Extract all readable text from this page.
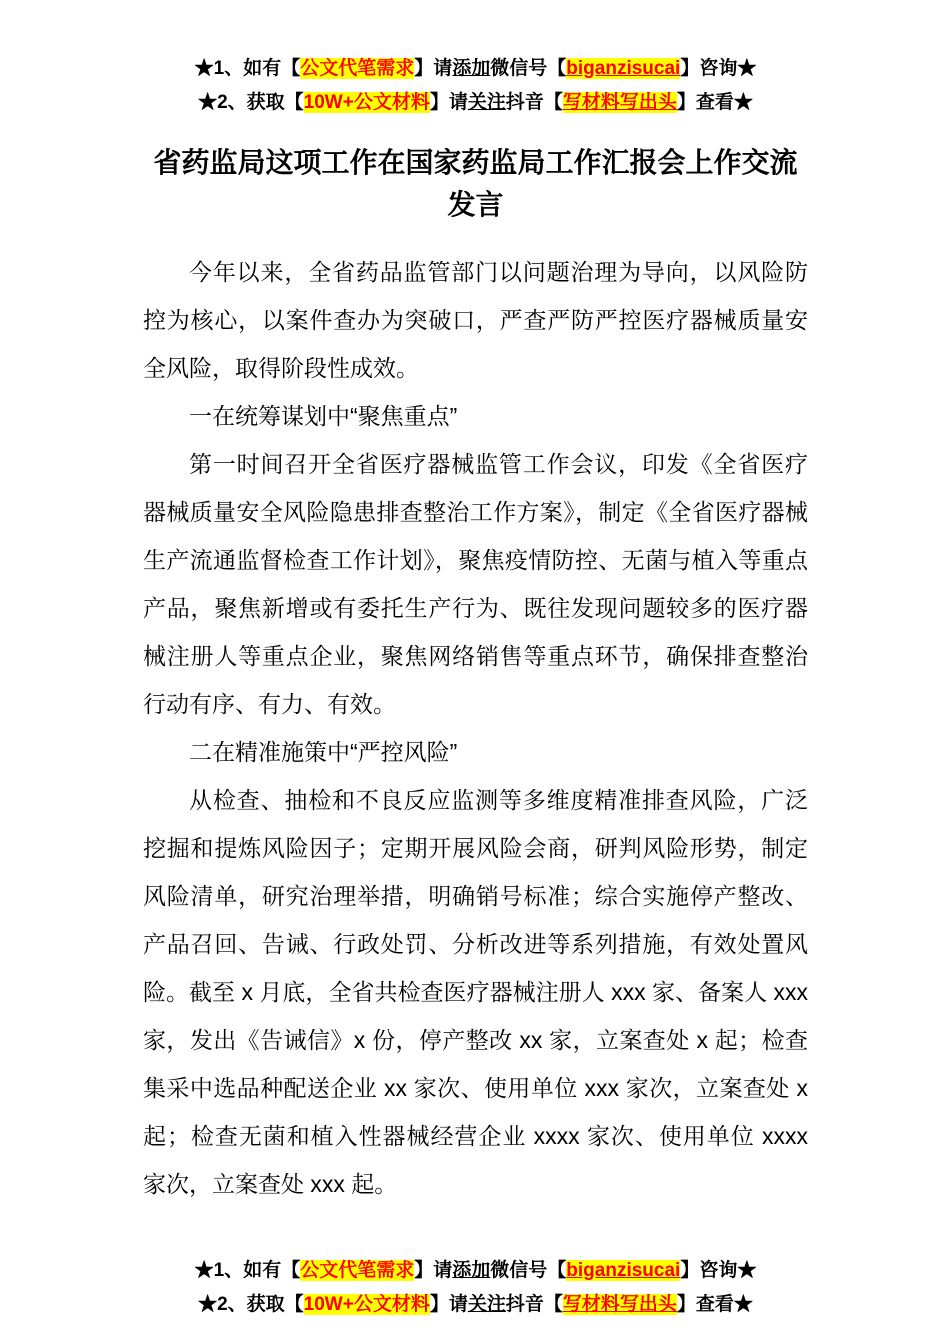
★1、如有【公文代笔需求】请添加微信号【biganzisucai】咨询★
★2、获取【10W+公文材料】请关注抖音【写材料写出头】查看★
省药监局这项工作在国家药监局工作汇报会上作交流发言

今年以来，全省药品监管部门以问题治理为导向，以风险防控为核心，以案件查办为突破口，严查严防严控医疗器械质量安全风险，取得阶段性成效。

一在统筹谋划中“聚焦重点”

第一时间召开全省医疗器械监管工作会议，印发《全省医疗器械质量安全风险隐患排查整治工作方案》，制定《全省医疗器械生产流通监督检查工作计划》，聚焦疫情防控、无菌与植入等重点产品，聚焦新增或有委托生产行为、既往发现问题较多的医疗器械注册人等重点企业，聚焦网络销售等重点环节，确保排查整治行动有序、有力、有效。

二在精准施策中“严控风险”

从检查、抽检和不良反应监测等多维度精准排查风险，广泛挖掘和提炼风险因子；定期开展风险会商，研判风险形势，制定风险清单，研究治理举措，明确销号标准；综合实施停产整改、产品召回、告诫、行政处罚、分析改进等系列措施，有效处置风险。截至 x 月底，全省共检查医疗器械注册人 xxx 家、备案人 xxx 家，发出《告诫信》x 份，停产整改 xx 家，立案查处 x 起；检查集采中选品种配送企业 xx 家次、使用单位 xxx 家次，立案查处 x 起；检查无菌和植入性器械经营企业 xxxx 家次、使用单位 xxxx 家次，立案查处 xxx 起。

★1、如有【公文代笔需求】请添加微信号【biganzisucai】咨询★
★2、获取【10W+公文材料】请关注抖音【写材料写出头】查看★
